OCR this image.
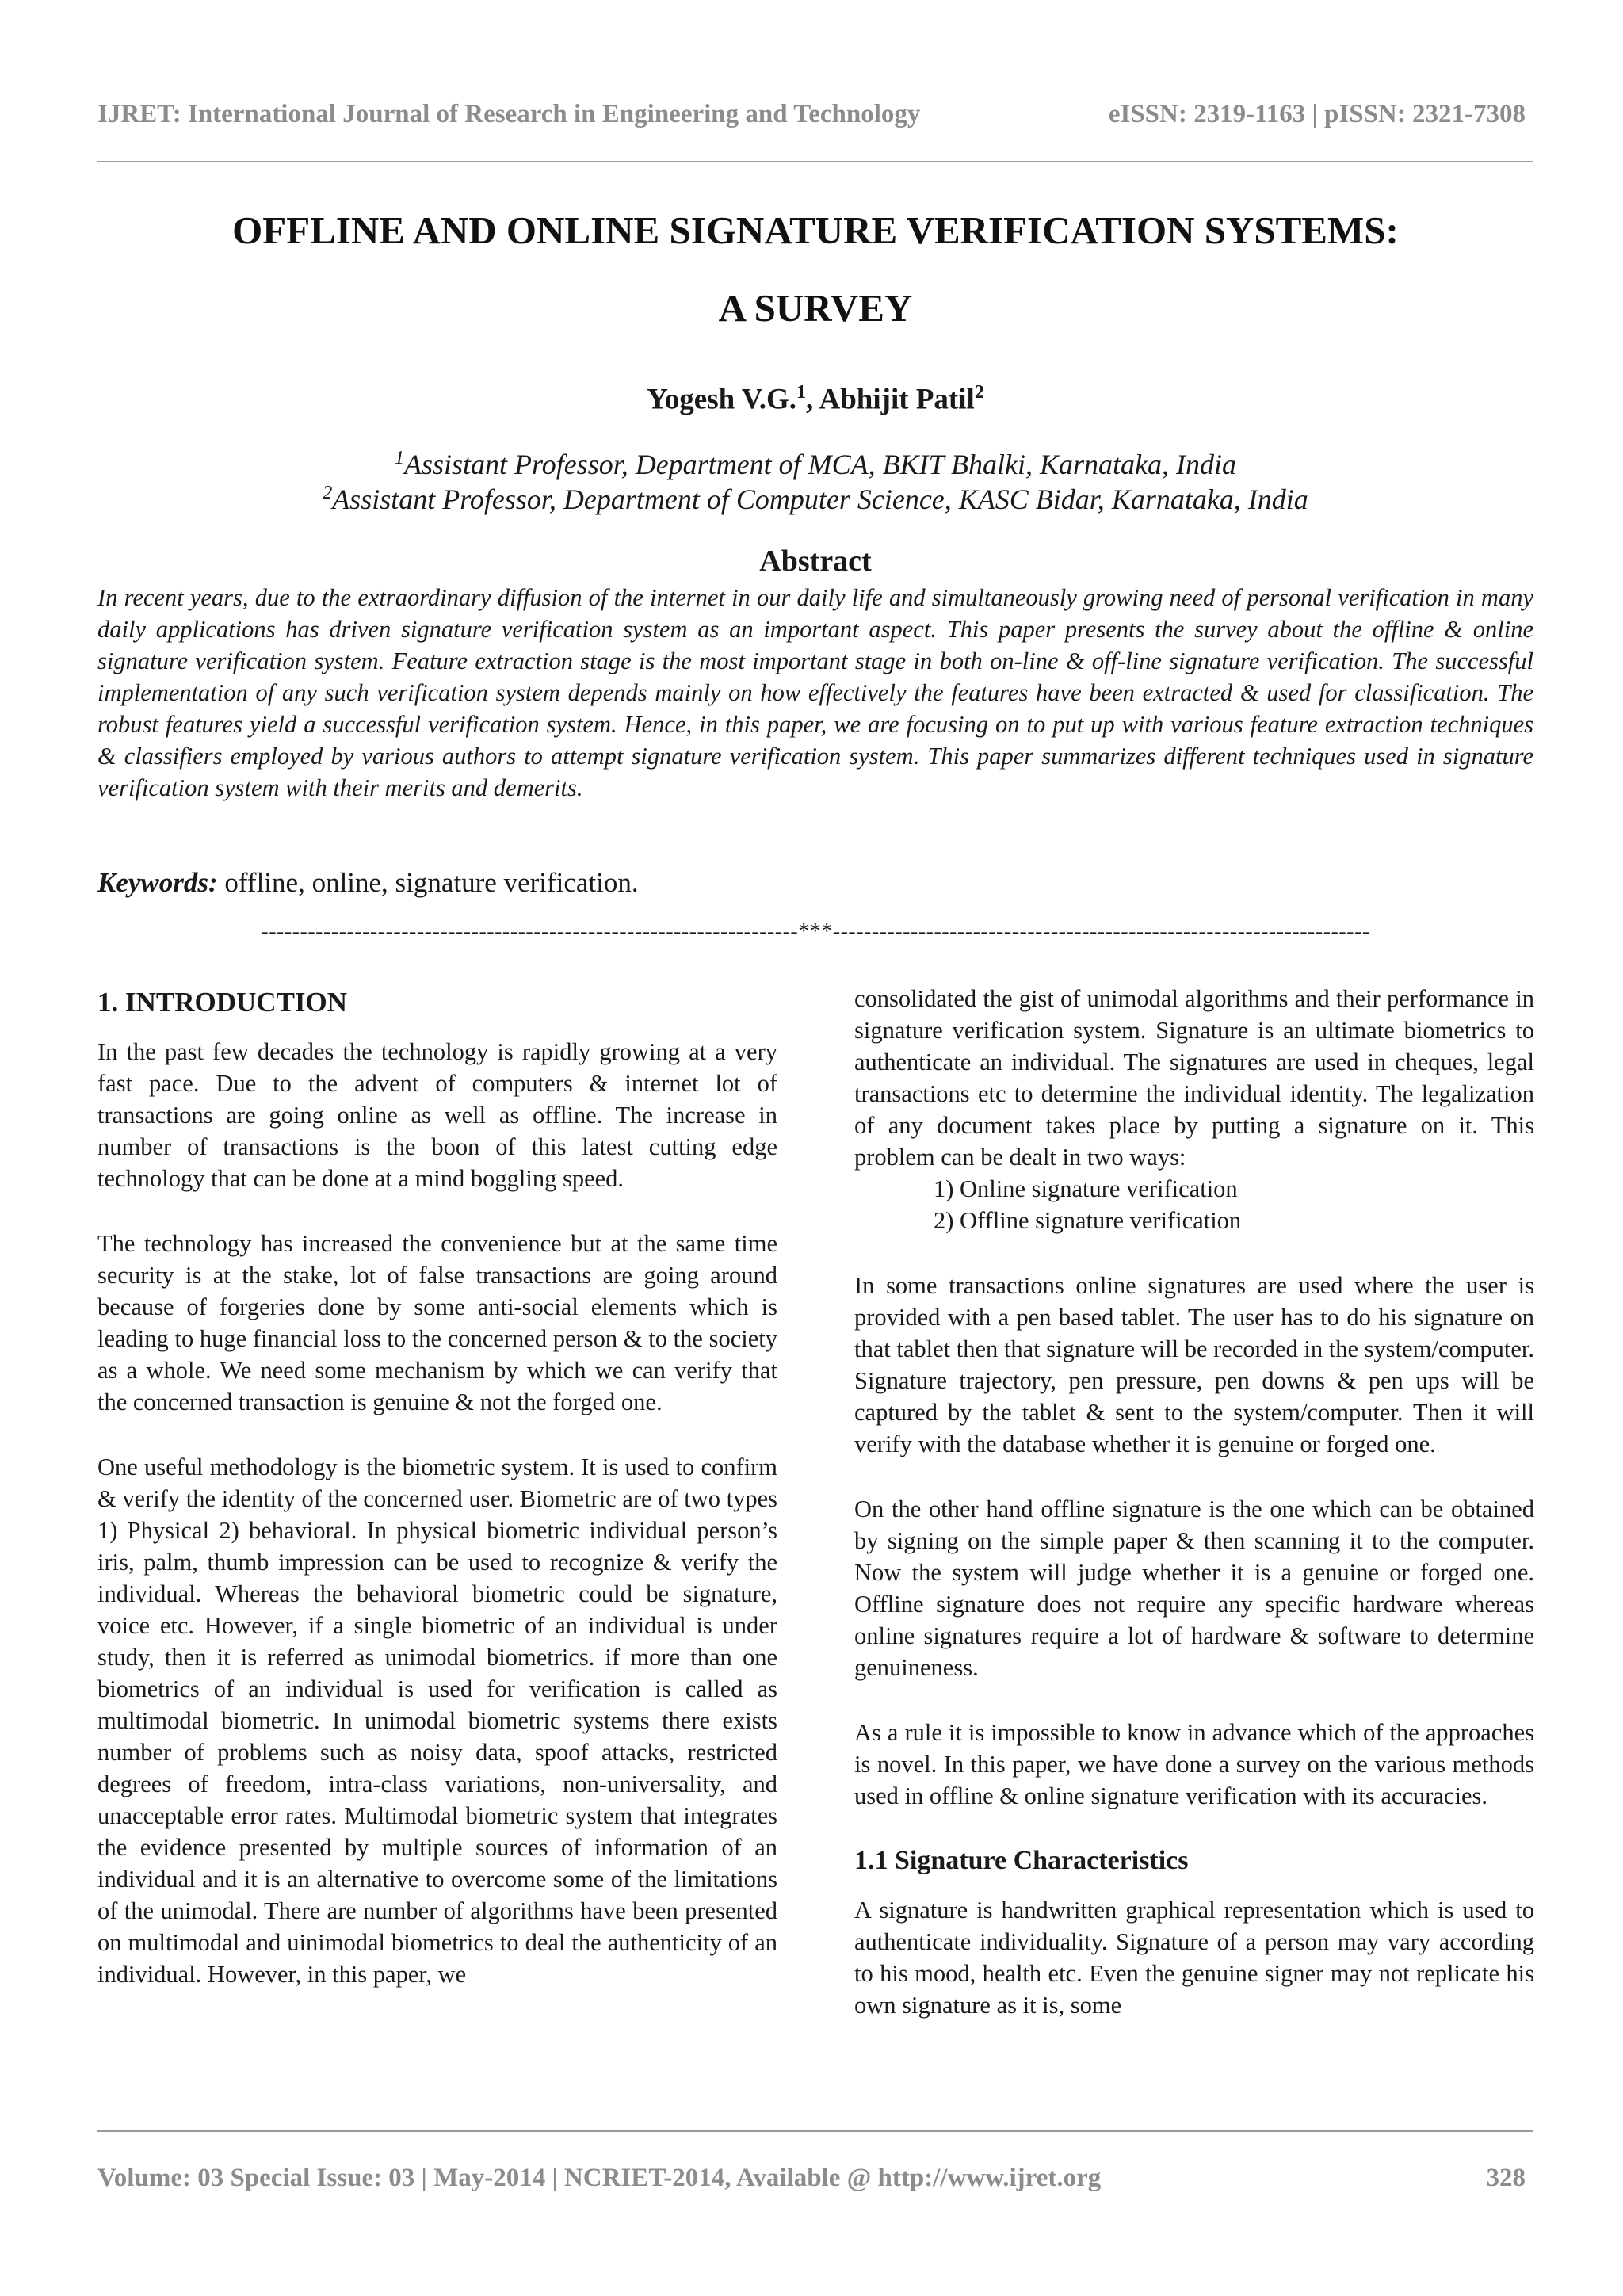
IJRET: International Journal of Research in Engineering and Technology	eISSN: 2319-1163 | pISSN: 2321-7308
OFFLINE AND ONLINE SIGNATURE VERIFICATION SYSTEMS:
A SURVEY
Yogesh V.G.$^1$, Abhijit Patil$^2$
$^1$Assistant Professor, Department of MCA, BKIT Bhalki, Karnataka, India
$^2$Assistant Professor, Department of Computer Science, KASC Bidar, Karnataka, India
Abstract
In recent years, due to the extraordinary diffusion of the internet in our daily life and simultaneously growing need of personal verification in many daily applications has driven signature verification system as an important aspect. This paper presents the survey about the offline & online signature verification system. Feature extraction stage is the most important stage in both on-line & off-line signature verification. The successful implementation of any such verification system depends mainly on how effectively the features have been extracted & used for classification. The robust features yield a successful verification system. Hence, in this paper, we are focusing on to put up with various feature extraction techniques & classifiers employed by various authors to attempt signature verification system. This paper summarizes different techniques used in signature verification system with their merits and demerits.
Keywords: offline, online, signature verification.
---------------------------------------------------------------------***---------------------------------------------------------------------
1. INTRODUCTION

In the past few decades the technology is rapidly growing at a very fast pace. Due to the advent of computers & internet lot of transactions are going online as well as offline. The increase in number of transactions is the boon of this latest cutting edge technology that can be done at a mind boggling speed.

The technology has increased the convenience but at the same time security is at the stake, lot of false transactions are going around because of forgeries done by some anti-social elements which is leading to huge financial loss to the concerned person & to the society as a whole. We need some mechanism by which we can verify that the concerned transaction is genuine & not the forged one.

One useful methodology is the biometric system. It is used to confirm & verify the identity of the concerned user. Biometric are of two types 1) Physical 2) behavioral. In physical biometric individual person’s iris, palm, thumb impression can be used to recognize & verify the individual. Whereas the behavioral biometric could be signature, voice etc. However, if a single biometric of an individual is under study, then it is referred as unimodal biometrics. if more than one biometrics of an individual is used for verification is called as multimodal biometric. In unimodal biometric systems there exists number of problems such as noisy data, spoof attacks, restricted degrees of freedom, intra-class variations, non-universality, and unacceptable error rates. Multimodal biometric system that integrates the evidence presented by multiple sources of information of an individual and it is an alternative to overcome some of the limitations of the unimodal. There are number of algorithms have been presented on multimodal and uinimodal biometrics to deal the authenticity of an individual. However, in this paper, we

consolidated the gist of unimodal algorithms and their performance in signature verification system. Signature is an ultimate biometrics to authenticate an individual. The signatures are used in cheques, legal transactions etc to determine the individual identity. The legalization of any document takes place by putting a signature on it. This problem can be dealt in two ways:

1) Online signature verification
2) Offline signature verification

In some transactions online signatures are used where the user is provided with a pen based tablet. The user has to do his signature on that tablet then that signature will be recorded in the system/computer. Signature trajectory, pen pressure, pen downs & pen ups will be captured by the tablet & sent to the system/computer. Then it will verify with the database whether it is genuine or forged one.

On the other hand offline signature is the one which can be obtained by signing on the simple paper & then scanning it to the computer. Now the system will judge whether it is a genuine or forged one. Offline signature does not require any specific hardware whereas online signatures require a lot of hardware & software to determine genuineness.

As a rule it is impossible to know in advance which of the approaches is novel. In this paper, we have done a survey on the various methods used in offline & online signature verification with its accuracies.

1.1 Signature Characteristics

A signature is handwritten graphical representation which is used to authenticate individuality. Signature of a person may vary according to his mood, health etc. Even the genuine signer may not replicate his own signature as it is, some

Volume: 03 Special Issue: 03 | May-2014 | NCRIET-2014, Available @ http://www.ijret.org	328
